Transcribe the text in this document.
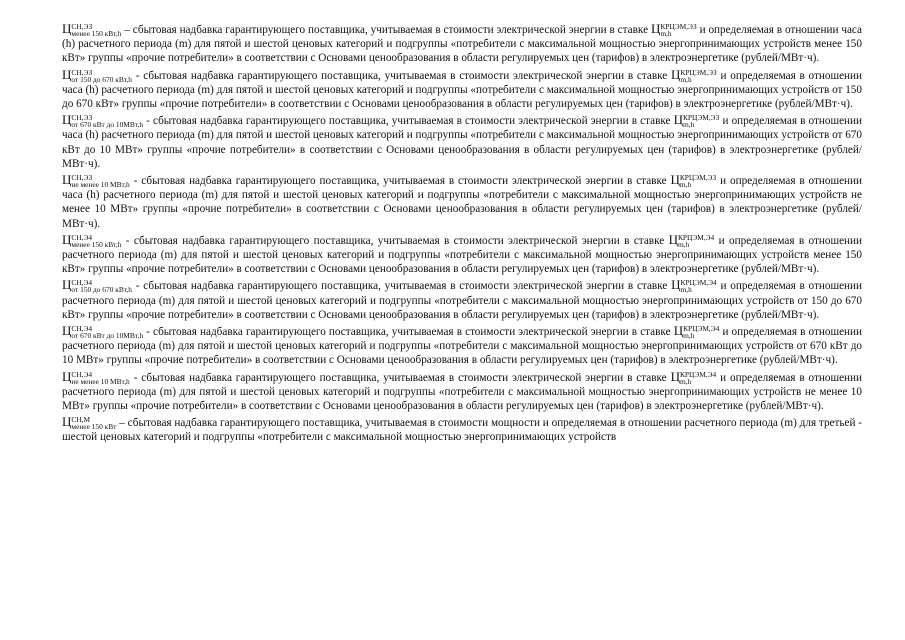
Ц СН,ЭЗ
менее 150 кВт,h – сбытовая надбавка гарантирующего поставщика, учитываемая в стоимости электрической энергии в ставке Ц КРЦЭМ,ЭЗ
m,h	и определяемая в отношении часа (h) расчетного периода (m) для пятой и шестой ценовых категорий и подгруппы «потребители с максимальной мощностью энергопринимающих устройств менее 150 кВт» группы «прочие потребители» в соответствии с Основами ценообразования в области регулируемых цен (тарифов) в электроэнергетике (рублей/МВт·ч).

Ц СН,ЭЗ
от 150 до 670 кВт,h - сбытовая надбавка гарантирующего поставщика, учитываемая в стоимости электрической энергии в ставке Ц КРЦЭМ,ЭЗ
m,h	и определяемая в отношении часа (h) расчетного периода (m) для пятой и шестой ценовых категорий и подгруппы «потребители с максимальной мощностью энергопринимающих устройств от 150 до 670 кВт» группы «прочие потребители» в соответствии с Основами ценообразования в области регулируемых цен (тарифов) в электроэнергетике (рублей/МВт·ч).

Ц СН,ЭЗ
от 670 кВт до 10МВт,h - сбытовая надбавка гарантирующего поставщика, учитываемая в стоимости электрической энергии в ставке Ц КРЦЭМ,ЭЗ
m,h	и определяемая в отношении часа (h) расчетного периода (m) для пятой и шестой ценовых категорий и подгруппы «потребители с максимальной мощностью энергопринимающих устройств от 670 кВт до 10 МВт» группы «прочие потребители» в соответствии с Основами ценообразования в области регулируемых цен (тарифов) в электроэнергетике (рублей/МВт·ч).

Ц СН,ЭЗ
не менее 10 МВт,h - сбытовая надбавка гарантирующего поставщика, учитываемая в стоимости электрической энергии в ставке Ц КРЦЭМ,ЭЗ
m,h	и определяемая в отношении часа (h) расчетного периода (m) для пятой и шестой ценовых категорий и подгруппы «потребители с максимальной мощностью энергопринимающих устройств не менее 10 МВт» группы «прочие потребители» в соответствии с Основами ценообразования в области регулируемых цен (тарифов) в электроэнергетике (рублей/МВт·ч).

Ц СН,Э4
менее 150 кВт,h - сбытовая надбавка гарантирующего поставщика, учитываемая в стоимости электрической энергии в ставке Ц КРЦЭМ,Э4
m,h	и определяемая в отношении расчетного периода (m) для пятой и шестой ценовых категорий и подгруппы «потребители с максимальной мощностью энергопринимающих устройств менее 150 кВт» группы «прочие потребители» в соответствии с Основами ценообразования в области регулируемых цен (тарифов) в электроэнергетике (рублей/МВт·ч).

Ц СН,Э4
от 150 до 670 кВт,h - сбытовая надбавка гарантирующего поставщика, учитываемая в стоимости электрической энергии в ставке Ц КРЦЭМ,Э4
m,h	и определяемая в отношении расчетного периода (m) для пятой и шестой ценовых категорий и подгруппы «потребители с максимальной мощностью энергопринимающих устройств от 150 до 670 кВт» группы «прочие потребители» в соответствии с Основами ценообразования в области регулируемых цен (тарифов) в электроэнергетике (рублей/МВт·ч).

Ц СН,Э4
от 670 кВт до 10МВт,h - сбытовая надбавка гарантирующего поставщика, учитываемая в стоимости электрической энергии в ставке Ц КРЦЭМ,Э4
m,h	и определяемая в отношении расчетного периода (m) для пятой и шестой ценовых категорий и подгруппы «потребители с максимальной мощностью энергопринимающих устройств от 670 кВт до 10 МВт» группы «прочие потребители» в соответствии с Основами ценообразования в области регулируемых цен (тарифов) в электроэнергетике (рублей/МВт·ч).

Ц СН,Э4
не менее 10 МВт,h - сбытовая надбавка гарантирующего поставщика, учитываемая в стоимости электрической энергии в ставке Ц КРЦЭМ,Э4
m,h	и определяемая в отношении расчетного периода (m) для пятой и шестой ценовых категорий и подгруппы «потребители с максимальной мощностью энергопринимающих устройств не менее 10 МВт» группы «прочие потребители» в соответствии с Основами ценообразования в области регулируемых цен (тарифов) в электроэнергетике (рублей/МВт·ч).

Ц СН,М
менее 150 кВт – сбытовая надбавка гарантирующего поставщика, учитываемая в стоимости мощности и определяемая в отношении расчетного периода (m) для третьей - шестой ценовых категорий и подгруппы «потребители с максимальной мощностью энергопринимающих устройств
